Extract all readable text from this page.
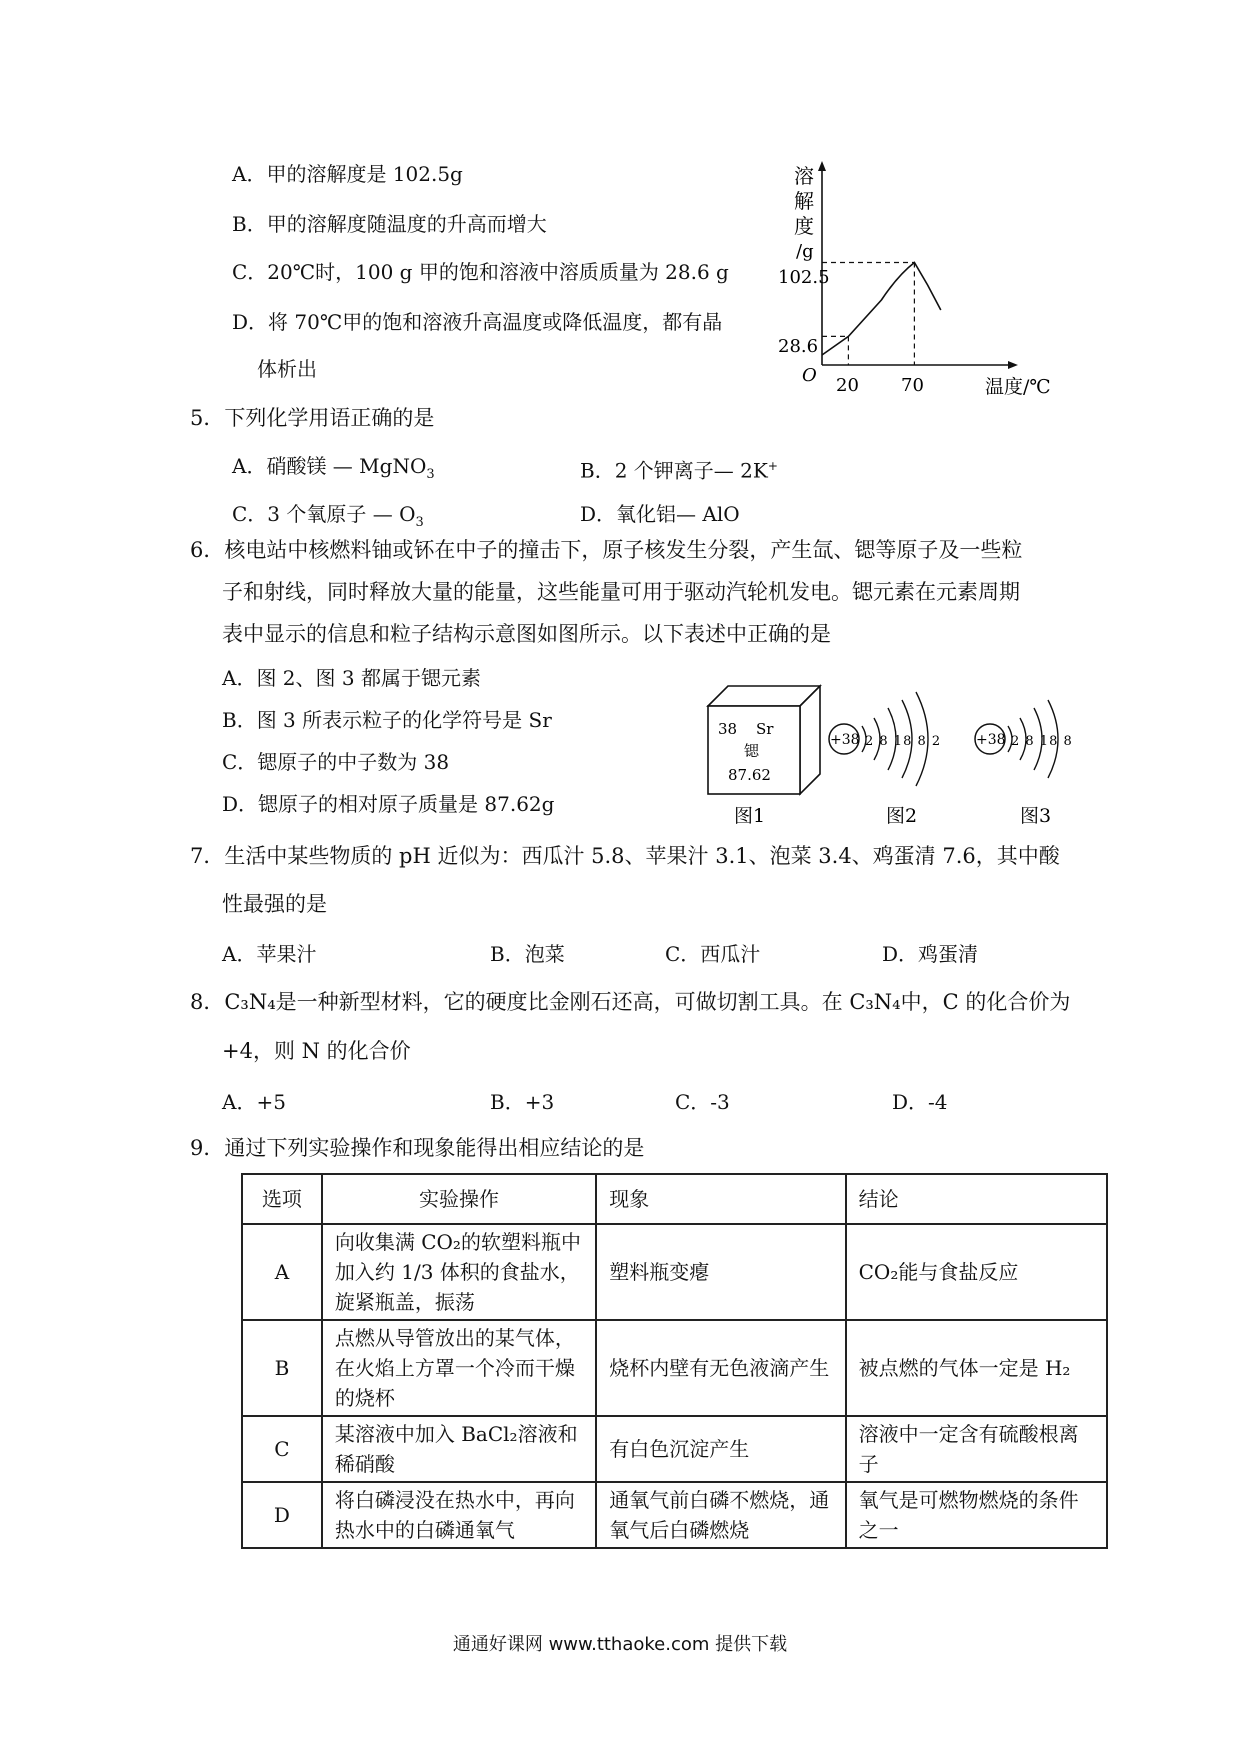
A．甲的溶解度是 102.5g
B．甲的溶解度随温度的升高而增大
C．20℃时，100 g 甲的饱和溶液中溶质质量为 28.6 g
D．将 70℃甲的饱和溶液升高温度或降低温度，都有晶
体析出
溶
解
度
/g
O
102.5
28.6
20 70	温度/℃
5．下列化学用语正确的是
A．硝酸镁 — MgNO$_3$	B．2 个钾离子— 2K+
C．3 个氧原子 — $O_3$	D．氧化铝— AlO
6．核电站中核燃料铀或钚在中子的撞击下，原子核发生分裂，产生氙、锶等原子及一些粒
子和射线，同时释放大量的能量，这些能量可用于驱动汽轮机发电。锶元素在元素周期
表中显示的信息和粒子结构示意图如图所示。以下表述中正确的是
A．图 2、图 3 都属于锶元素
B．图 3 所表示粒子的化学符号是 Sr
C．锶原子的中子数为 38
D．锶原子的相对原子质量是 87.62g
38 Sr
锶
87.62
图1
+38 2 8 18 8 2
图2
+38 2 8 18 8
图3
7．生活中某些物质的 pH 近似为：西瓜汁 5.8、苹果汁 3.1、泡菜 3.4、鸡蛋清 7.6，其中酸
性最强的是
A．苹果汁	B．泡菜	C．西瓜汁	D．鸡蛋清
8．C₃N₄是一种新型材料，它的硬度比金刚石还高，可做切割工具。在 C₃N₄中，C 的化合价为
+4，则 N 的化合价
A．+5	B．+3	C．-3	D．-4
9．通过下列实验操作和现象能得出相应结论的是
选项	实验操作	现象	结论
A	向收集满 CO₂的软塑料瓶中加入约 1/3 体积的食盐水，旋紧瓶盖，振荡	塑料瓶变瘪	CO₂能与食盐反应
B	点燃从导管放出的某气体，在火焰上方罩一个冷而干燥的烧杯	烧杯内壁有无色液滴产生	被点燃的气体一定是 H₂
C	某溶液中加入 BaCl₂溶液和稀硝酸	有白色沉淀产生	溶液中一定含有硫酸根离子
D	将白磷浸没在热水中，再向热水中的白磷通氧气	通氧气前白磷不燃烧，通氧气后白磷燃烧	氧气是可燃物燃烧的条件之一
通通好课网 www.tthaoke.com 提供下载
